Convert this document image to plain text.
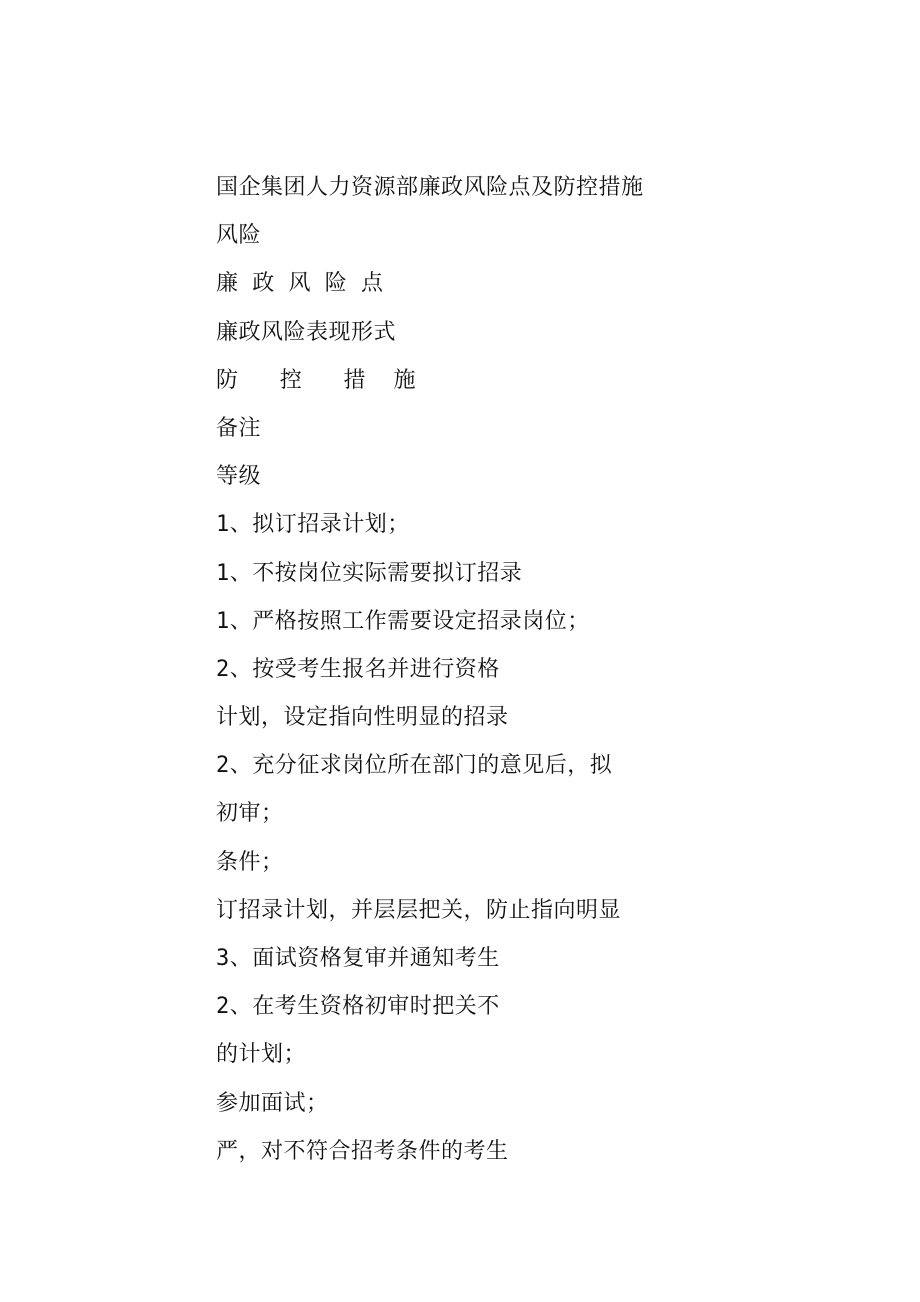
国企集团人力资源部廉政风险点及防控措施
风险
廉 政 风 险 点
廉政风险表现形式
防   控   措  施
备注
等级
1、拟订招录计划；
1、不按岗位实际需要拟订招录
1、严格按照工作需要设定招录岗位；
2、按受考生报名并进行资格
计划，设定指向性明显的招录
2、充分征求岗位所在部门的意见后，拟
初审；
条件；
订招录计划，并层层把关，防止指向明显
3、面试资格复审并通知考生
2、在考生资格初审时把关不
的计划；
参加面试；
严，对不符合招考条件的考生
